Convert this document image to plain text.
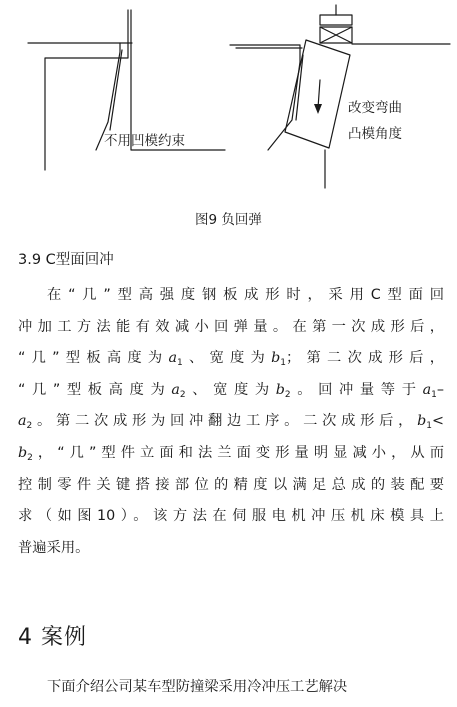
不用凹模约束
改变弯曲
凸模角度
图9 负回弹
3.9 C型面回冲
在“几”型高强度钢板成形时，采用C型面回
冲加工方法能有效减小回弹量。在第一次成形后，
“几”型板高度为$a_1$、宽度为$b_1$；第二次成形后，
“几”型板高度为$a_2$、宽度为$b_2$。回冲量等于$a_1-$
$a_2$。第二次成形为回冲翻边工序。二次成形后，$b_1<$
$b_2$，“几”型件立面和法兰面变形量明显减小，从而
控制零件关键搭接部位的精度以满足总成的装配要
求（如图10）。该方法在伺服电机冲压机床模具上
普遍采用。
4 案例
下面介绍公司某车型防撞梁采用冷冲压工艺解决
